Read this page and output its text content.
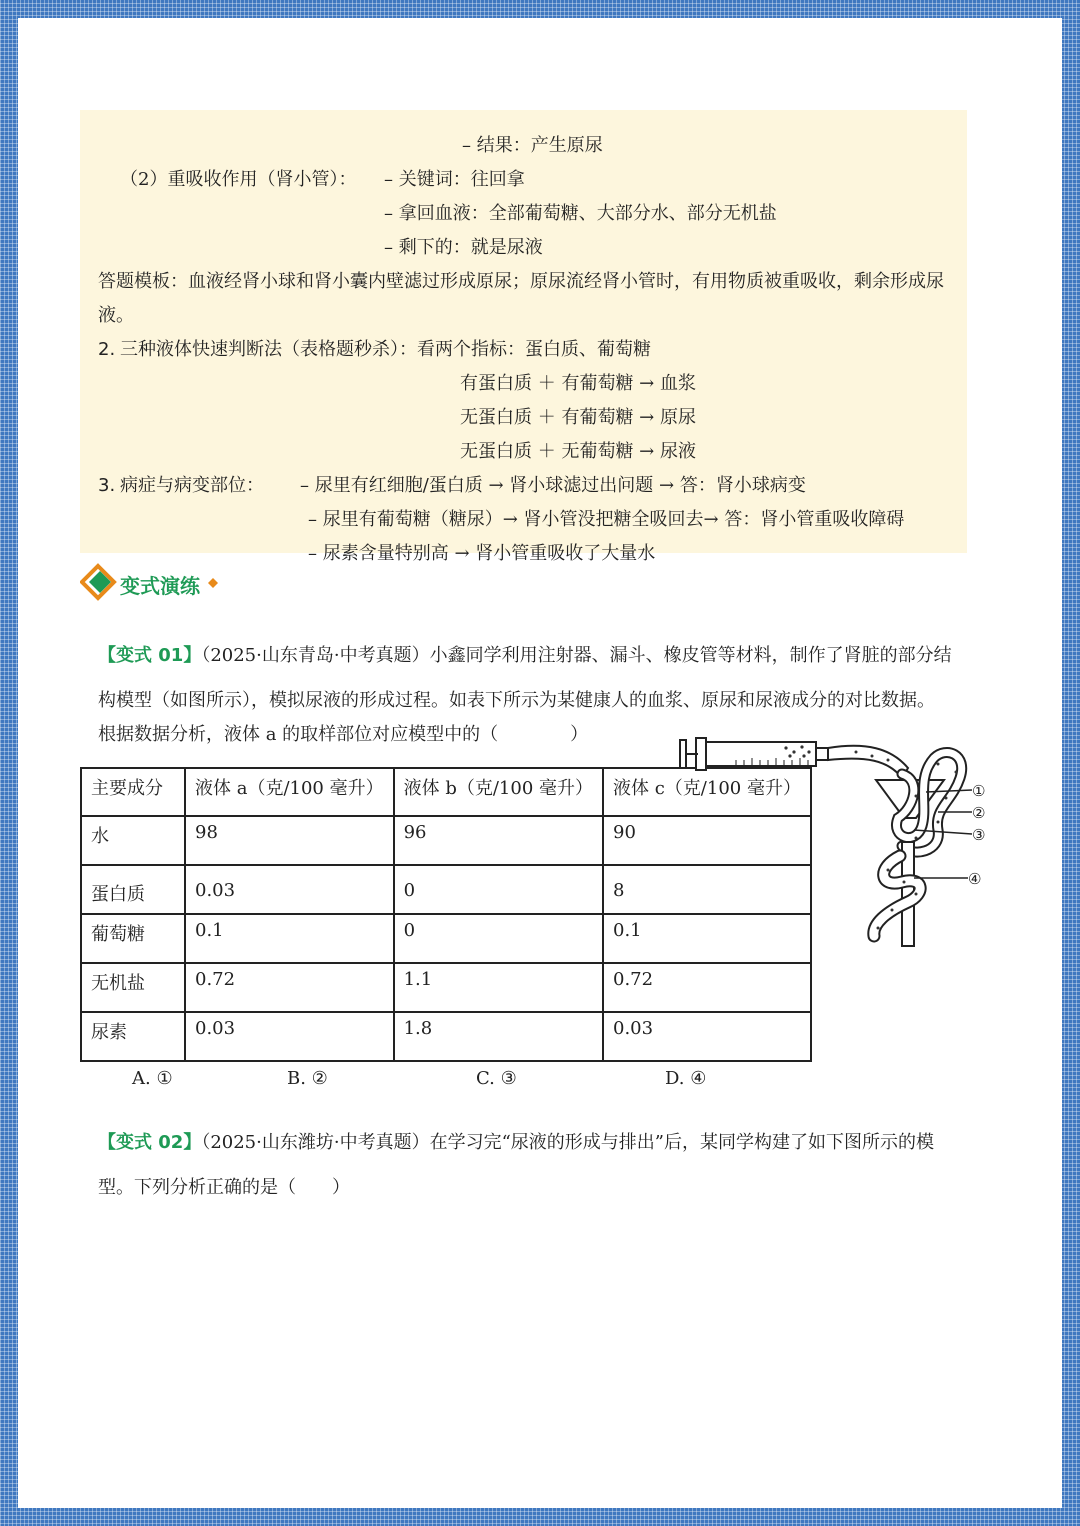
– 结果：产生原尿
（2）重吸收作用（肾小管）： – 关键词：往回拿
– 拿回血液：全部葡萄糖、大部分水、部分无机盐
– 剩下的：就是尿液
答题模板：血液经肾小球和肾小囊内壁滤过形成原尿；原尿流经肾小管时，有用物质被重吸收，剩余形成尿
液。
2. 三种液体快速判断法（表格题秒杀）：看两个指标：蛋白质、葡萄糖
有蛋白质 ＋ 有葡萄糖 → 血浆
无蛋白质 ＋ 有葡萄糖 → 原尿
无蛋白质 ＋ 无葡萄糖 → 尿液
3. 病症与病变部位： – 尿里有红细胞/蛋白质 → 肾小球滤过出问题 → 答：肾小球病变
– 尿里有葡萄糖（糖尿）→ 肾小管没把糖全吸回去→ 答：肾小管重吸收障碍
– 尿素含量特别高 → 肾小管重吸收了大量水
变式演练
【变式 01】（2025·山东青岛·中考真题）小鑫同学利用注射器、漏斗、橡皮管等材料，制作了肾脏的部分结
构模型（如图所示），模拟尿液的形成过程。如表下所示为某健康人的血浆、原尿和尿液成分的对比数据。
根据数据分析，液体 a 的取样部位对应模型中的（　　　　）
主要成分	液体 a（克/100 毫升）	液体 b（克/100 毫升）	液体 c（克/100 毫升）
水	98	96	90
蛋白质	0.03	0	8
葡萄糖	0.1	0	0.1
无机盐	0.72	1.1	0.72
尿素	0.03	1.8	0.03
A. ①	B. ②	C. ③	D. ④
①
②
③
④
【变式 02】（2025·山东潍坊·中考真题）在学习完“尿液的形成与排出”后，某同学构建了如下图所示的模
型。下列分析正确的是（　　）
